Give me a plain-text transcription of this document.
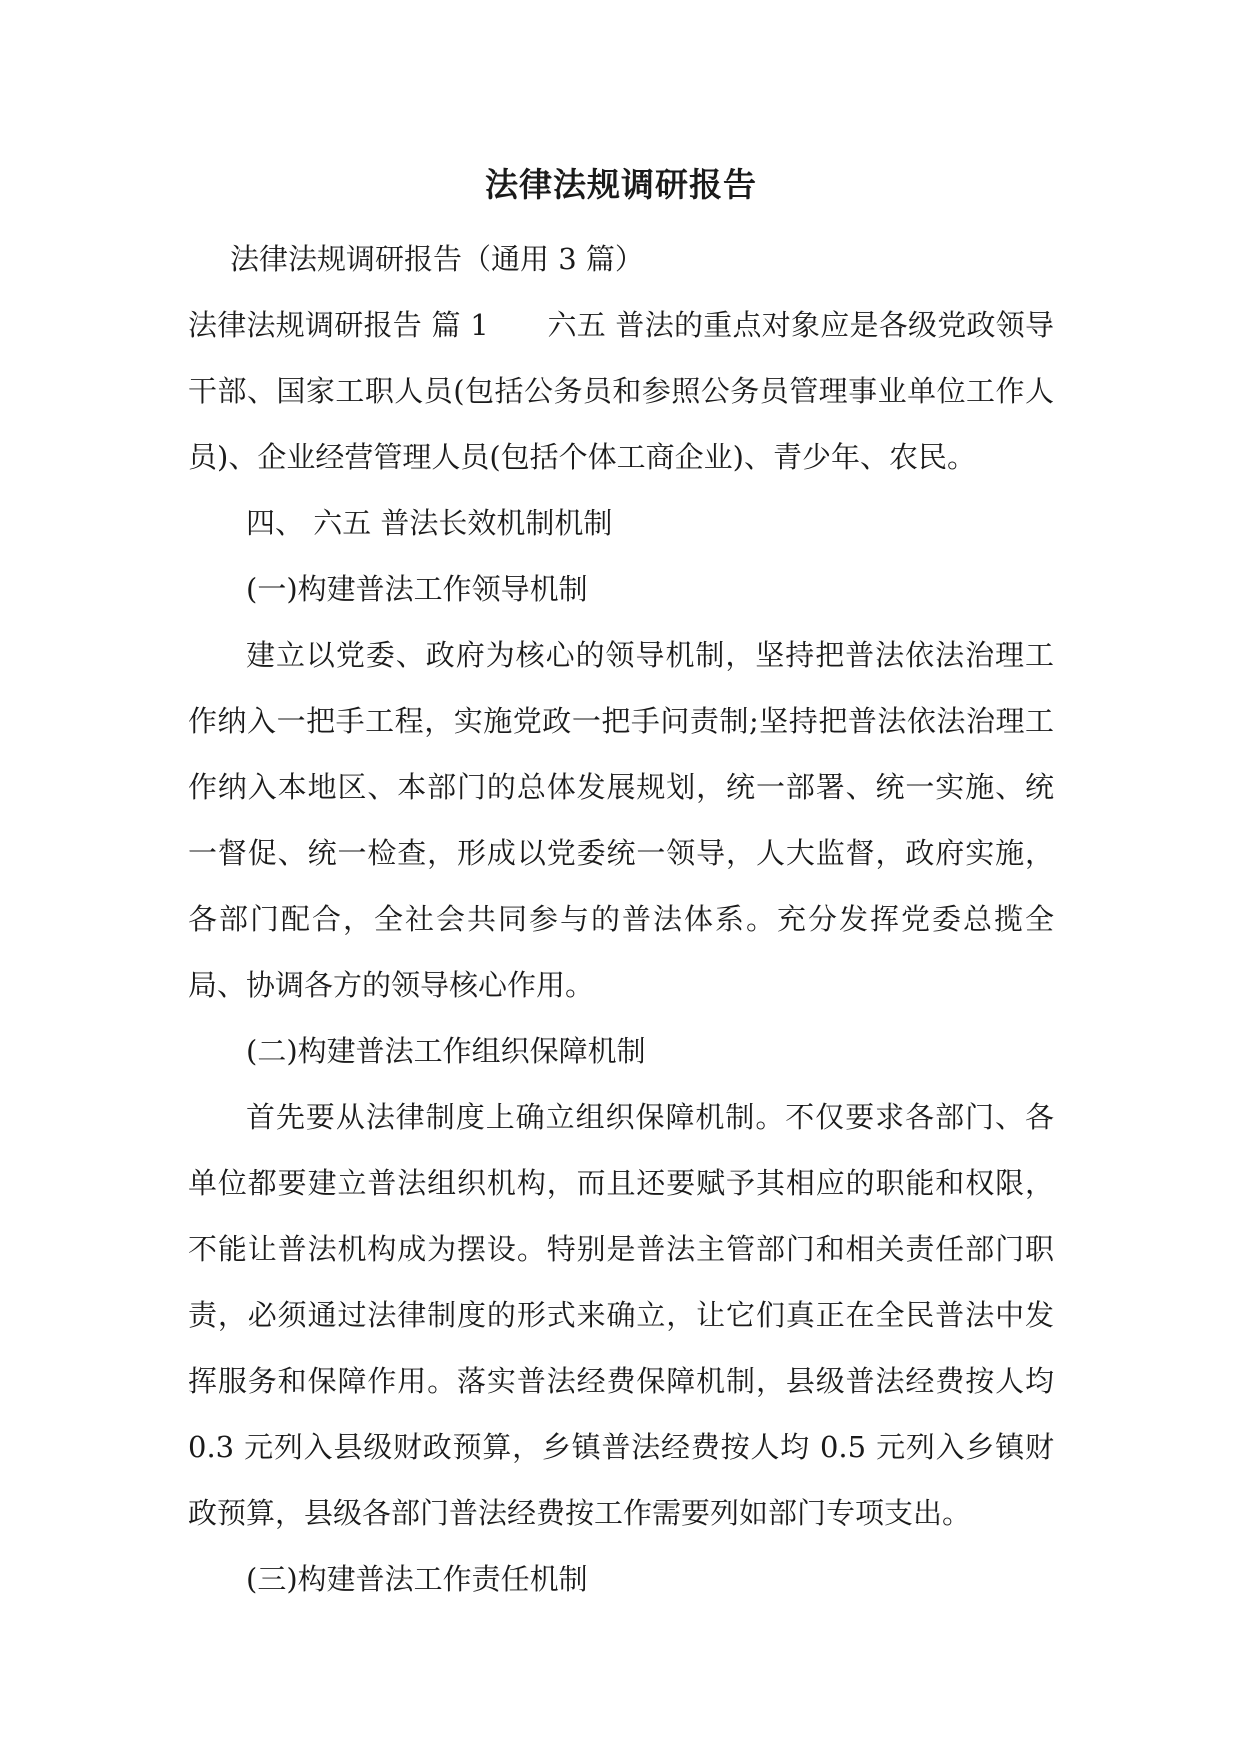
法律法规调研报告

法律法规调研报告（通用 3 篇）

法律法规调研报告 篇 1　　六五 普法的重点对象应是各级党政领导干部、国家工职人员(包括公务员和参照公务员管理事业单位工作人员)、企业经营管理人员(包括个体工商企业)、青少年、农民。

四、 六五 普法长效机制机制

(一)构建普法工作领导机制

建立以党委、政府为核心的领导机制，坚持把普法依法治理工作纳入一把手工程，实施党政一把手问责制;坚持把普法依法治理工作纳入本地区、本部门的总体发展规划，统一部署、统一实施、统一督促、统一检查，形成以党委统一领导，人大监督，政府实施，各部门配合，全社会共同参与的普法体系。充分发挥党委总揽全局、协调各方的领导核心作用。

(二)构建普法工作组织保障机制

首先要从法律制度上确立组织保障机制。不仅要求各部门、各单位都要建立普法组织机构，而且还要赋予其相应的职能和权限，不能让普法机构成为摆设。特别是普法主管部门和相关责任部门职责，必须通过法律制度的形式来确立，让它们真正在全民普法中发挥服务和保障作用。落实普法经费保障机制，县级普法经费按人均 0.3 元列入县级财政预算，乡镇普法经费按人均 0.5 元列入乡镇财政预算，县级各部门普法经费按工作需要列如部门专项支出。

(三)构建普法工作责任机制
